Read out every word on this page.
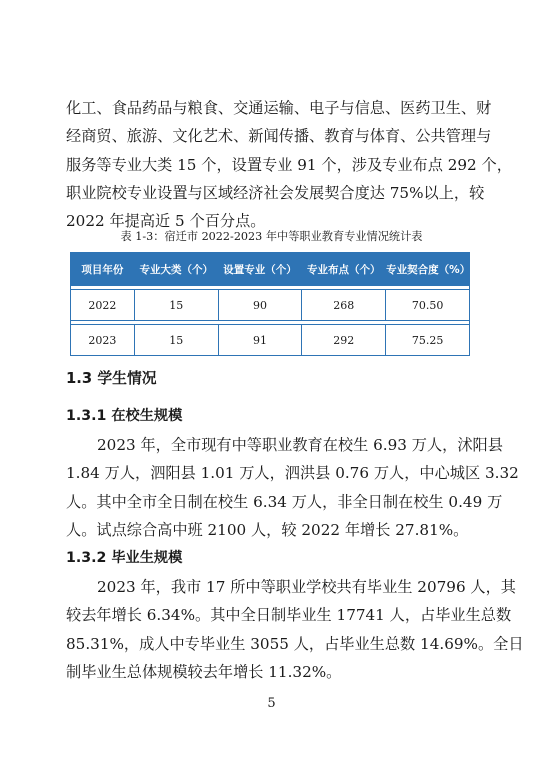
化工、食品药品与粮食、交通运输、电子与信息、医药卫生、财
经商贸、旅游、文化艺术、新闻传播、教育与体育、公共管理与
服务等专业大类 15 个，设置专业 91 个，涉及专业布点 292 个，
职业院校专业设置与区域经济社会发展契合度达 75%以上，较
2022 年提高近 5 个百分点。
表 1-3：宿迁市 2022-2023 年中等职业教育专业情况统计表
项目年份	专业大类（个）	设置专业（个）	专业布点（个）	专业契合度（%）

2022	15	90	268	70.50

2023	15	91	292	75.25
1.3 学生情况
1.3.1 在校生规模
2023 年，全市现有中等职业教育在校生 6.93 万人，沭阳县
1.84 万人，泗阳县 1.01 万人，泗洪县 0.76 万人，中心城区 3.32
人。其中全市全日制在校生 6.34 万人，非全日制在校生 0.49 万
人。试点综合高中班 2100 人，较 2022 年增长 27.81%。
1.3.2 毕业生规模
2023 年，我市 17 所中等职业学校共有毕业生 20796 人，其
较去年增长 6.34%。其中全日制毕业生 17741 人，占毕业生总数
85.31%，成人中专毕业生 3055 人，占毕业生总数 14.69%。全日
制毕业生总体规模较去年增长 11.32%。
5
